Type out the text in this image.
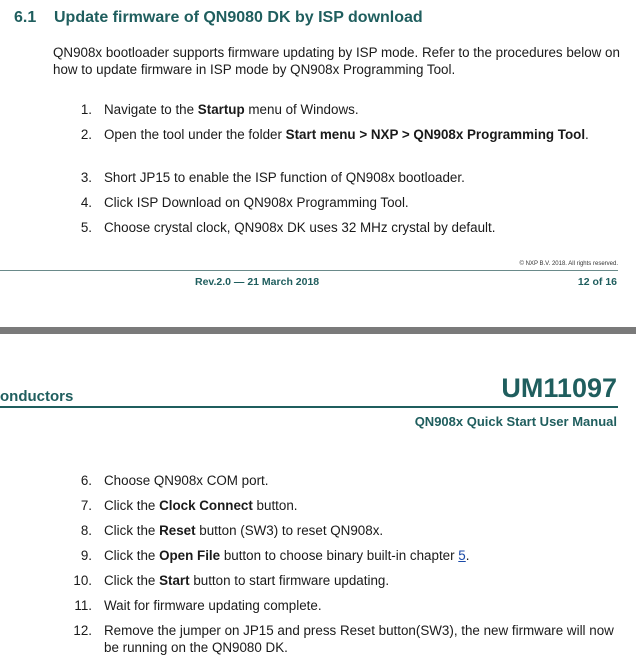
6.1 Update firmware of QN9080 DK by ISP download
QN908x bootloader supports firmware updating by ISP mode. Refer to the procedures below on how to update firmware in ISP mode by QN908x Programming Tool.
1. Navigate to the Startup menu of Windows.
2. Open the tool under the folder Start menu > NXP > QN908x Programming Tool.
3. Short JP15 to enable the ISP function of QN908x bootloader.
4. Click ISP Download on QN908x Programming Tool.
5. Choose crystal clock, QN908x DK uses 32 MHz crystal by default.
© NXP B.V. 2018. All rights reserved.
Rev.2.0 — 21 March 2018	12 of 16
onductors	UM11097
QN908x Quick Start User Manual
6. Choose QN908x COM port.
7. Click the Clock Connect button.
8. Click the Reset button (SW3) to reset QN908x.
9. Click the Open File button to choose binary built-in chapter 5.
10. Click the Start button to start firmware updating.
11. Wait for firmware updating complete.
12. Remove the jumper on JP15 and press Reset button(SW3), the new firmware will now be running on the QN9080 DK.
